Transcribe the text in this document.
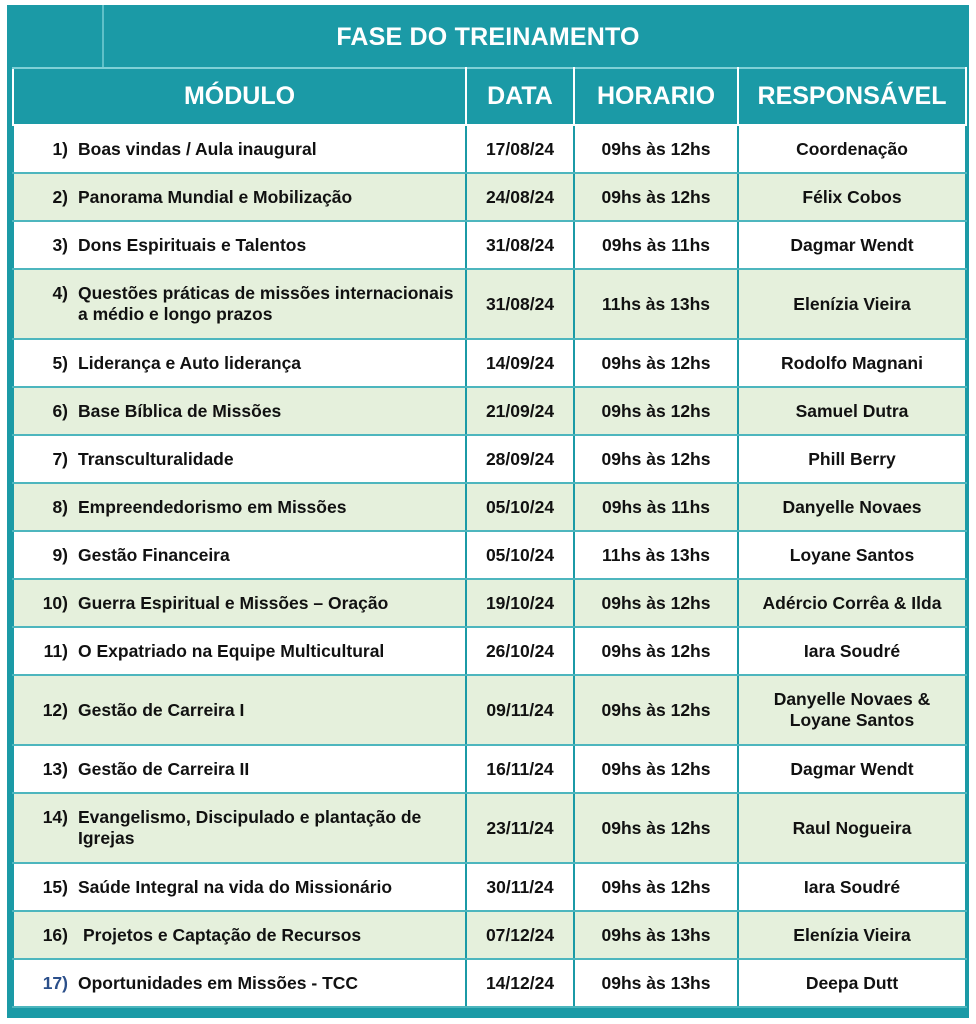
FASE DO TREINAMENTO
MÓDULO	DATA	HORARIO	RESPONSÁVEL

1) Boas vindas / Aula inaugural	17/08/24	09hs às 12hs	Coordenação

2) Panorama Mundial e Mobilização	24/08/24	09hs às 12hs	Félix Cobos

3) Dons Espirituais e Talentos	31/08/24	09hs às 11hs	Dagmar Wendt

4) Questões práticas de missões internacionais a médio e longo prazos	31/08/24	11hs às 13hs	Elenízia Vieira

5) Liderança e Auto liderança	14/09/24	09hs às 12hs	Rodolfo Magnani

6) Base Bíblica de Missões	21/09/24	09hs às 12hs	Samuel Dutra

7) Transculturalidade	28/09/24	09hs às 12hs	Phill Berry

8) Empreendedorismo em Missões	05/10/24	09hs às 11hs	Danyelle Novaes

9) Gestão Financeira	05/10/24	11hs às 13hs	Loyane Santos

10) Guerra Espiritual e Missões – Oração	19/10/24	09hs às 12hs	Adércio Corrêa & Ilda

11) O Expatriado na Equipe Multicultural	26/10/24	09hs às 12hs	Iara Soudré

12) Gestão de Carreira I	09/11/24	09hs às 12hs	Danyelle Novaes & Loyane Santos

13) Gestão de Carreira II	16/11/24	09hs às 12hs	Dagmar Wendt

14) Evangelismo, Discipulado e plantação de Igrejas	23/11/24	09hs às 12hs	Raul Nogueira

15) Saúde Integral na vida do Missionário	30/11/24	09hs às 12hs	Iara Soudré

16) Projetos e Captação de Recursos	07/12/24	09hs às 13hs	Elenízia Vieira

17) Oportunidades em Missões - TCC	14/12/24	09hs às 13hs	Deepa Dutt
